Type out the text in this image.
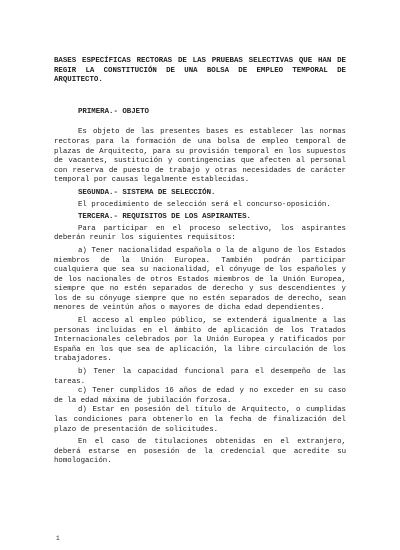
BASES ESPECÍFICAS RECTORAS DE LAS PRUEBAS SELECTIVAS QUE HAN DE REGIR LA CONSTITUCIÓN DE UNA BOLSA DE EMPLEO TEMPORAL DE ARQUITECTO.
PRIMERA.- OBJETO

Es objeto de las presentes bases es establecer las normas rectoras para la formación de una bolsa de empleo temporal de plazas de Arquitecto, para su provisión temporal en los supuestos de vacantes, sustitución y contingencias que afecten al personal con reserva de puesto de trabajo y otras necesidades de carácter temporal por causas legalmente establecidas.

SEGUNDA.- SISTEMA DE SELECCIÓN.

El procedimiento de selección será el concurso-oposición.

TERCERA.- REQUISITOS DE LOS ASPIRANTES.

Para participar en el proceso selectivo, los aspirantes deberán reunir los siguientes requisitos:

a) Tener nacionalidad española o la de alguno de los Estados miembros de la Unión Europea. También podrán participar cualquiera que sea su nacionalidad, el cónyuge de los españoles y de los nacionales de otros Estados miembros de la Unión Europea, siempre que no estén separados de derecho y sus descendientes y los de su cónyuge siempre que no estén separados de derecho, sean menores de veintún años o mayores de dicha edad dependientes.

El acceso al empleo público, se extenderá igualmente a las personas incluidas en el ámbito de aplicación de los Tratados Internacionales celebrados por la Unión Europea y ratificados por España en los que sea de aplicación, la libre circulación de los trabajadores.

b) Tener la capacidad funcional para el desempeño de las tareas.

c) Tener cumplidos 16 años de edad y no exceder en su caso de la edad máxima de jubilación forzosa.

d) Estar en posesión del título de Arquitecto, o cumplidas las condiciones para obtenerlo en la fecha de finalización del plazo de presentación de solicitudes.

En el caso de titulaciones obtenidas en el extranjero, deberá estarse en posesión de la credencial que acredite su homologación.

1
